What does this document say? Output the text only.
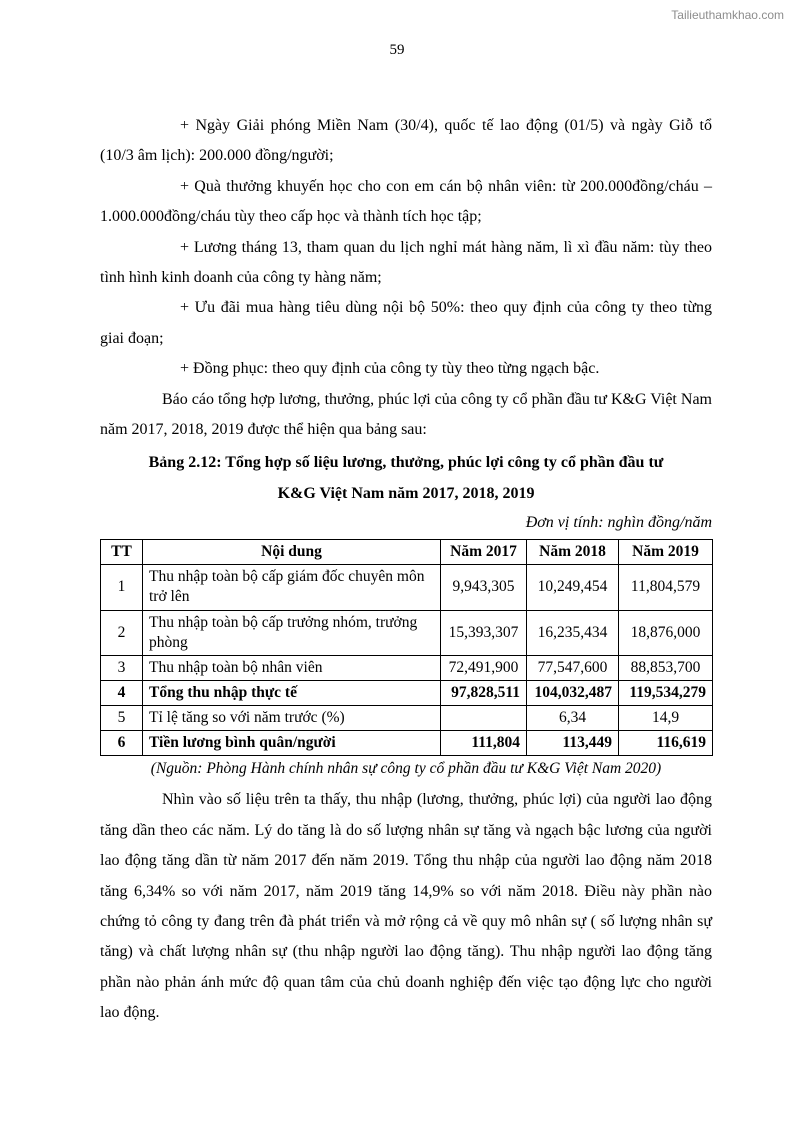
Tailieuthamkhao.com
59

+ Ngày Giải phóng Miền Nam (30/4), quốc tế lao động (01/5) và ngày Giỗ tổ (10/3 âm lịch): 200.000 đồng/người;

+ Quà thưởng khuyến học cho con em cán bộ nhân viên: từ 200.000đồng/cháu – 1.000.000đồng/cháu tùy theo cấp học và thành tích học tập;

+ Lương tháng 13, tham quan du lịch nghỉ mát hàng năm, lì xì đầu năm: tùy theo tình hình kinh doanh của công ty hàng năm;

+ Ưu đãi mua hàng tiêu dùng nội bộ 50%: theo quy định của công ty theo từng giai đoạn;

+ Đồng phục: theo quy định của công ty tùy theo từng ngạch bậc.

Báo cáo tổng hợp lương, thưởng, phúc lợi của công ty cổ phần đầu tư K&G Việt Nam năm 2017, 2018, 2019 được thể hiện qua bảng sau:

Bảng 2.12: Tổng hợp số liệu lương, thưởng, phúc lợi công ty cổ phần đầu tư
K&G Việt Nam năm 2017, 2018, 2019
Đơn vị tính: nghìn đồng/năm
TT	Nội dung	Năm 2017	Năm 2018	Năm 2019
1	Thu nhập toàn bộ cấp giám đốc chuyên môn trở lên	9,943,305	10,249,454	11,804,579
2	Thu nhập toàn bộ cấp trưởng nhóm, trưởng phòng	15,393,307	16,235,434	18,876,000
3	Thu nhập toàn bộ nhân viên	72,491,900	77,547,600	88,853,700
4	Tổng thu nhập thực tế	97,828,511	104,032,487	119,534,279
5	Tỉ lệ tăng so với năm trước (%)		6,34	14,9
6	Tiền lương bình quân/người	111,804	113,449	116,619
(Nguồn: Phòng Hành chính nhân sự công ty cổ phần đầu tư K&G Việt Nam 2020)

Nhìn vào số liệu trên ta thấy, thu nhập (lương, thưởng, phúc lợi) của người lao động tăng dần theo các năm. Lý do tăng là do số lượng nhân sự tăng và ngạch bậc lương của người lao động tăng dần từ năm 2017 đến năm 2019. Tổng thu nhập của người lao động năm 2018 tăng 6,34% so với năm 2017, năm 2019 tăng 14,9% so với năm 2018. Điều này phần nào chứng tỏ công ty đang trên đà phát triển và mở rộng cả về quy mô nhân sự ( số lượng nhân sự tăng) và chất lượng nhân sự (thu nhập người lao động tăng). Thu nhập người lao động tăng phần nào phản ánh mức độ quan tâm của chủ doanh nghiệp đến việc tạo động lực cho người lao động.
